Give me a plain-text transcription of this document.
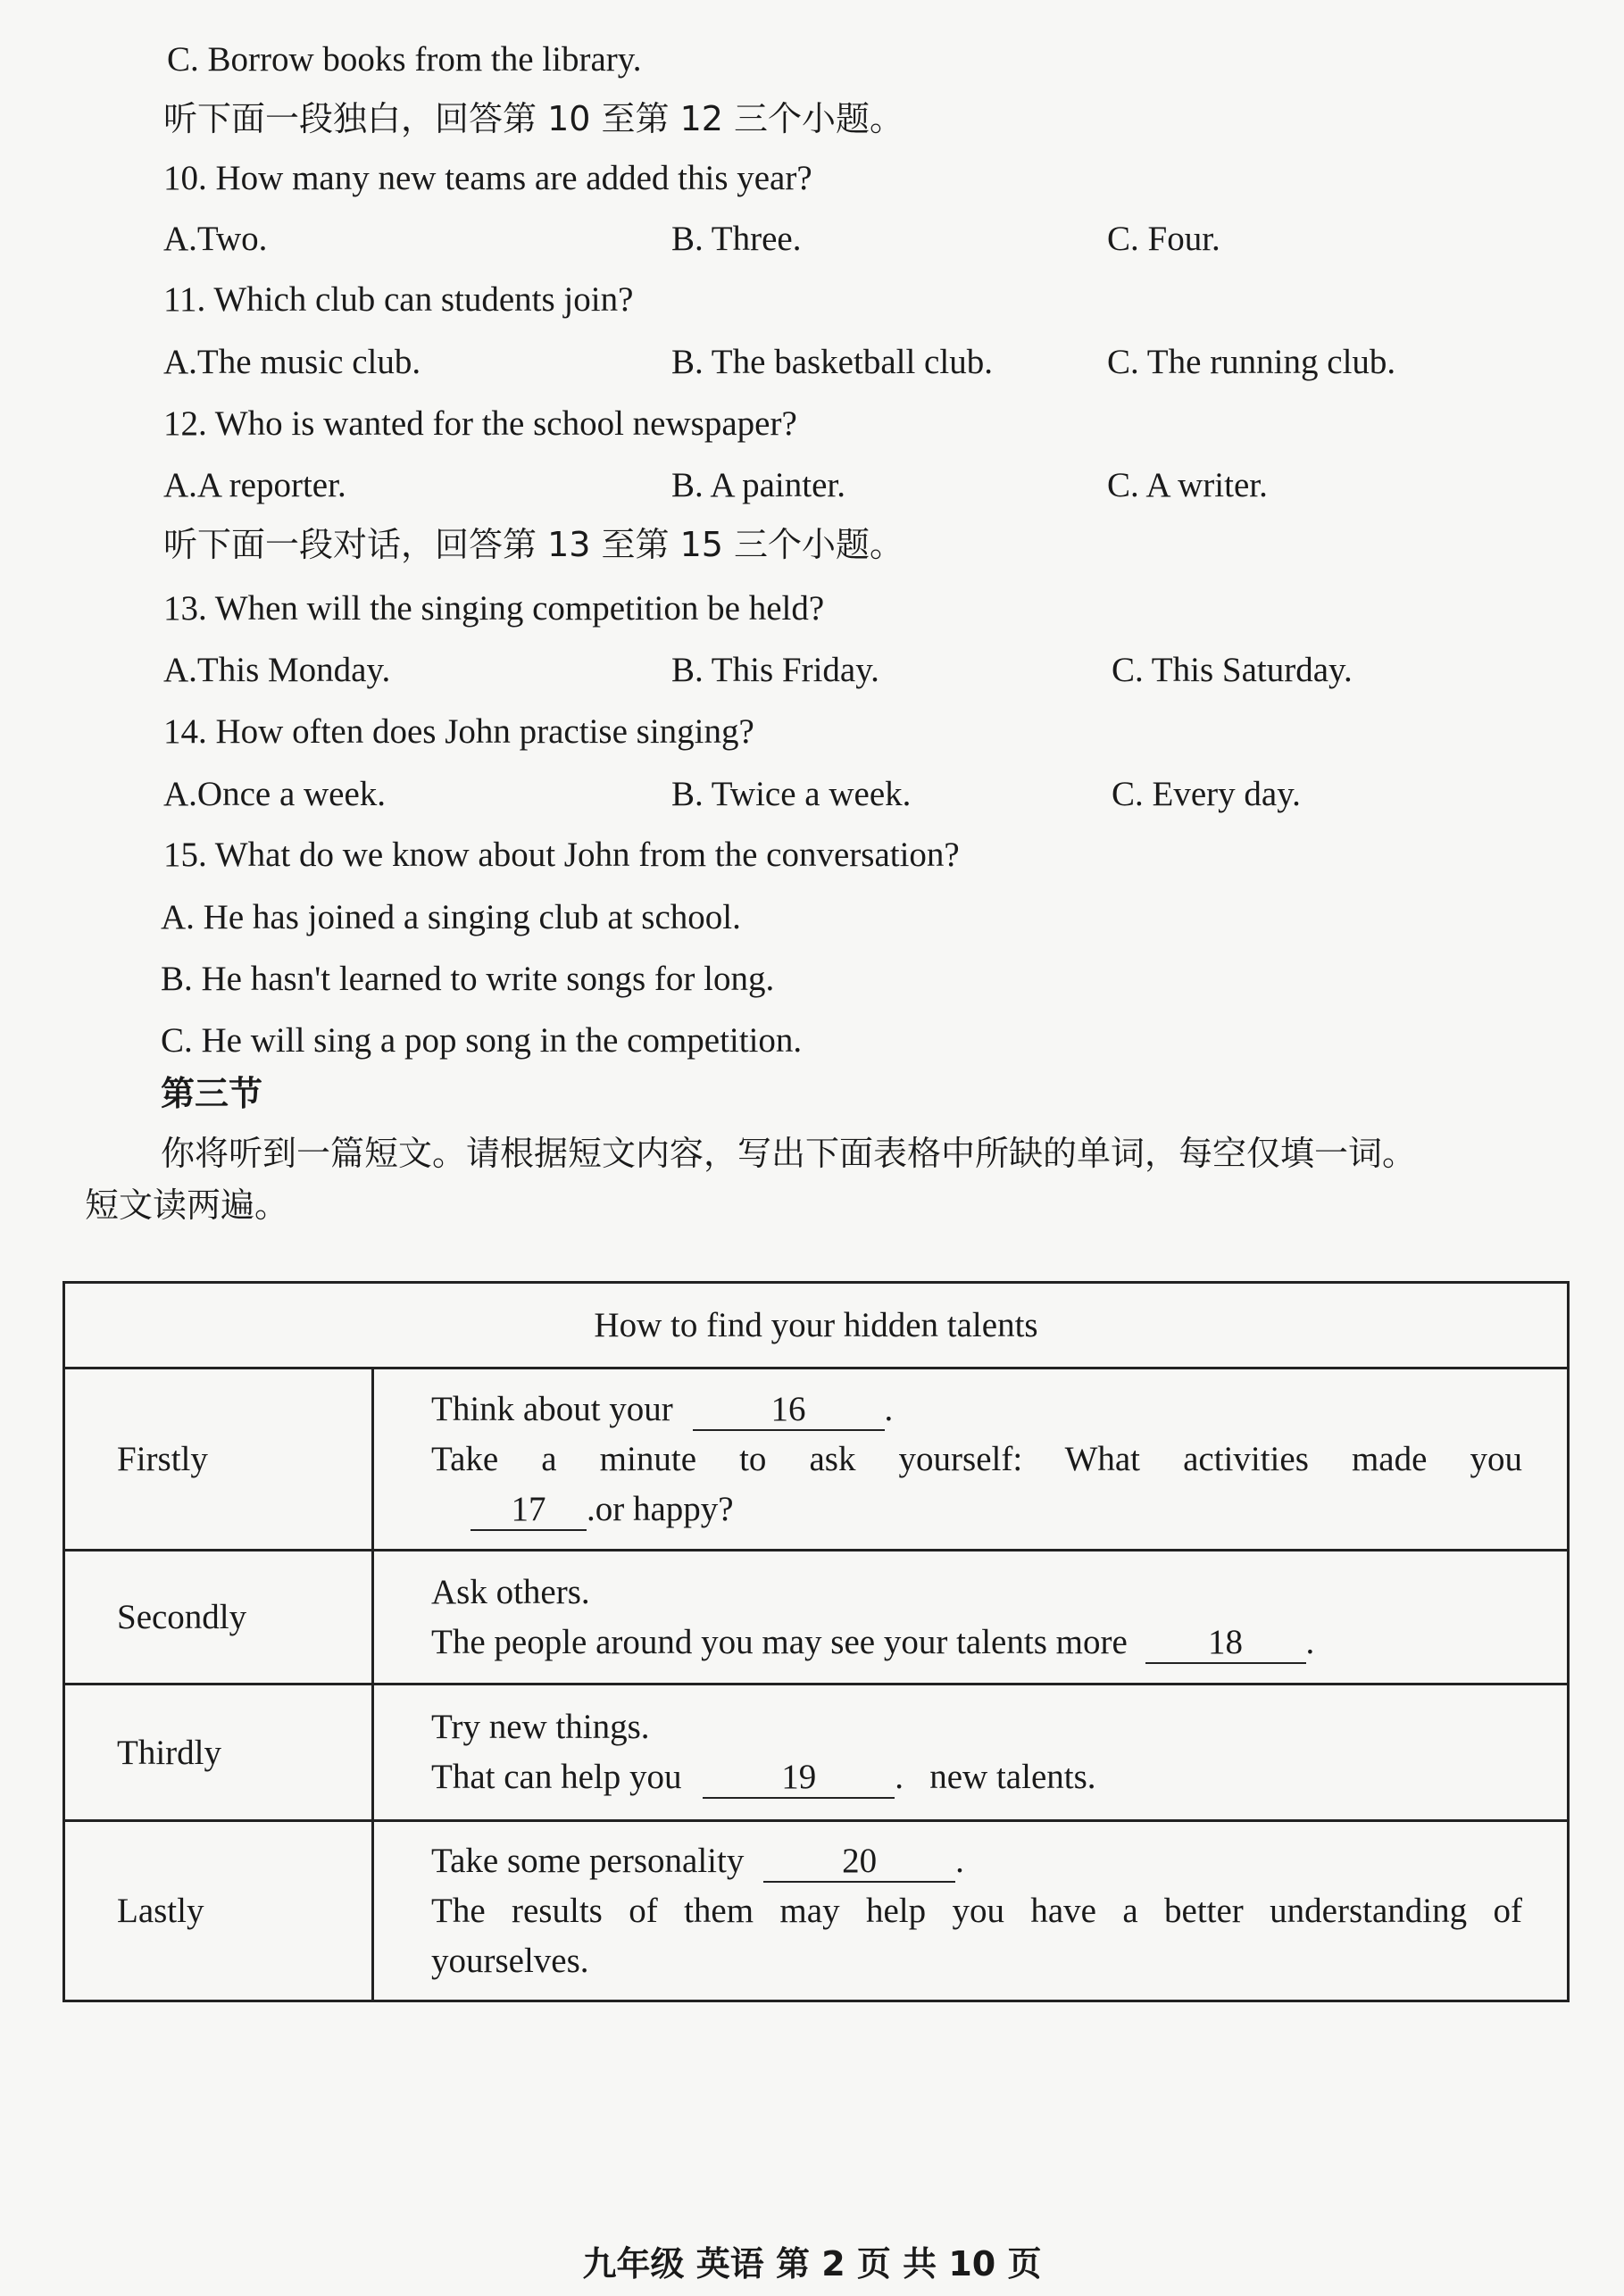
C. Borrow books from the library.
听下面一段独白，回答第 10 至第 12 三个小题。
10. How many new teams are added this year?
A.Two.	B. Three.	C. Four.
11. Which club can students join?
A.The music club.	B. The basketball club.	C. The running club.
12. Who is wanted for the school newspaper?
A.A reporter.	B. A painter.	C. A writer.
听下面一段对话，回答第 13 至第 15 三个小题。
13. When will the singing competition be held?
A.This Monday.	B. This Friday.	C. This Saturday.
14. How often does John practise singing?
A.Once a week.	B. Twice a week.	C. Every day.
15. What do we know about John from the conversation?
A. He has joined a singing club at school.
B. He hasn't learned to write songs for long.
C. He will sing a pop song in the competition.
第三节
你将听到一篇短文。请根据短文内容，写出下面表格中所缺的单词，每空仅填一词。
短文读两遍。
How to find your hidden talents	
Firstly	Think about your 16 .
Take a minute to ask yourself: What activities made you
17 .or happy?

Secondly	Ask others.
The people around you may see your talents more 18 .

Thirdly	Try new things.
That can help you 19 .   new talents.

Lastly	Take some personality 20 .
The results of them may help you have a better understanding of
yourselves.
九年级 英语 第 2 页 共 10 页
